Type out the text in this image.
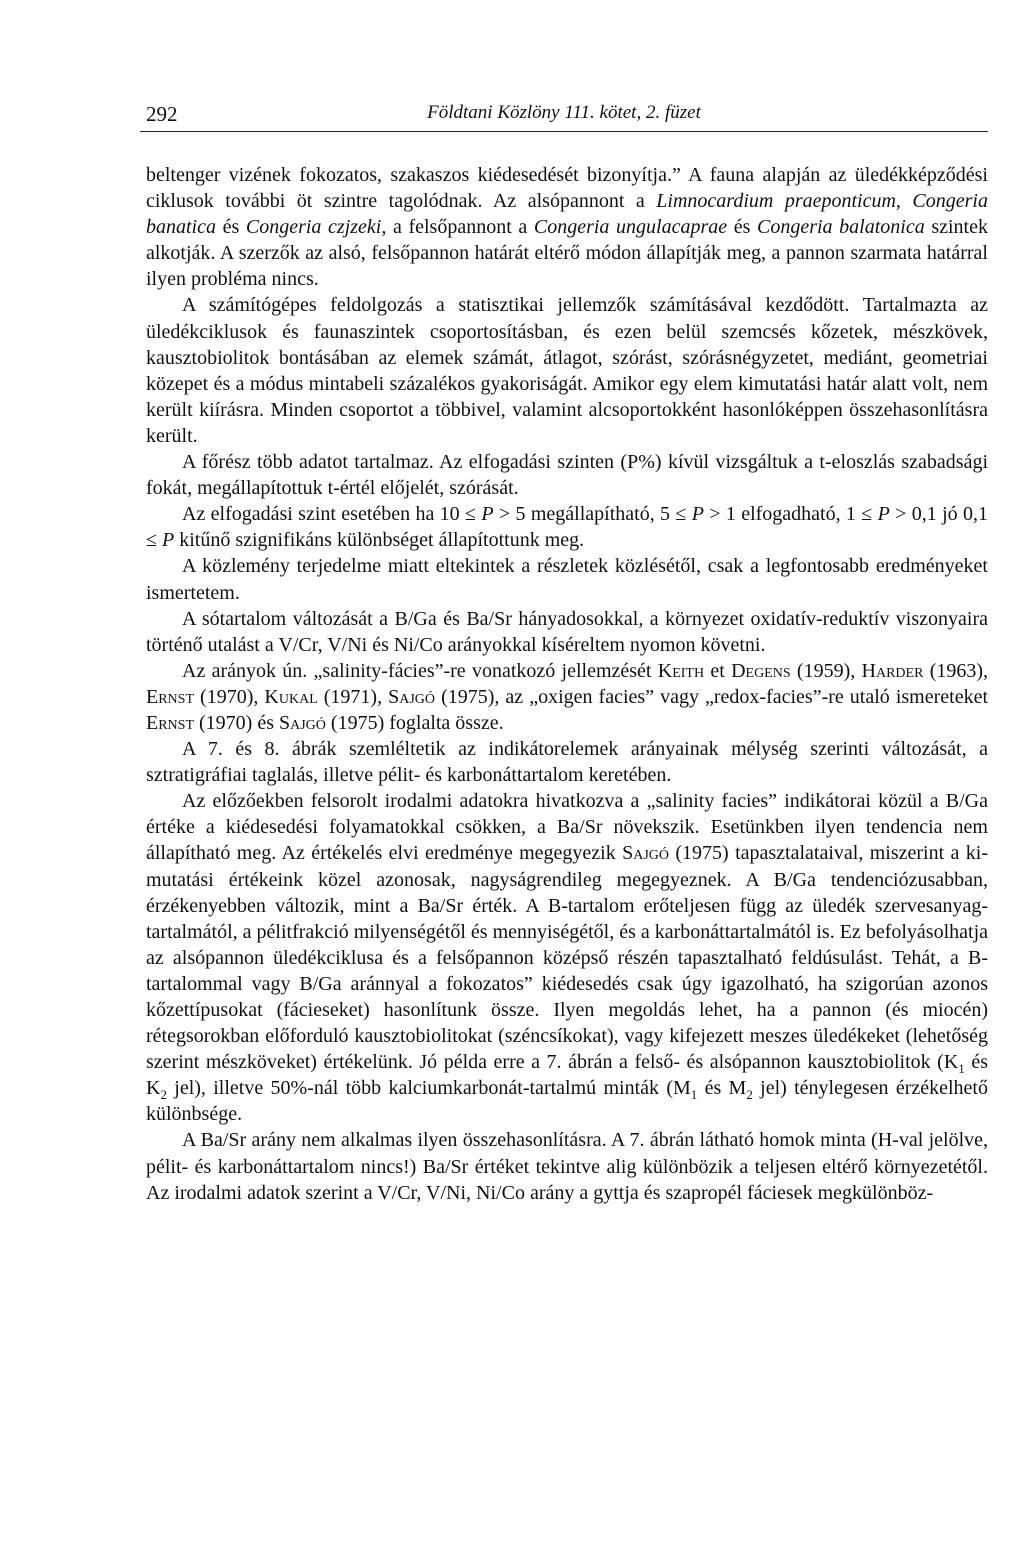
292	Földtani Közlöny 111. kötet, 2. füzet

beltenger vizének fokozatos, szakaszos kiédesedését bizonyítja.” A fauna alapján az üledékképződési ciklusok további öt szintre tagolódnak. Az alsópannont a Limnocardium praeponticum, Congeria banatica és Congeria czjzeki, a felsőpannont a Congeria ungulacaprae és Congeria balatonica szintek alkotják. A szerzők az alsó, felsőpannon határát eltérő módon állapítják meg, a pannon szarmata határral ilyen probléma nincs.

A számítógépes feldolgozás a statisztikai jellemzők számításával kezdődött. Tartalmazta az üledékciklusok és faunaszintek csoportosításban, és ezen belül szemcsés kőzetek, mészkövek, kausztobiolitok bontásában az elemek számát, átlagot, szórást, szórásnégyzetet, mediánt, geometriai közepet és a módus mintabeli százalékos gyakoriságát. Amikor egy elem kimutatási határ alatt volt, nem került kiírásra. Minden csoportot a többivel, valamint alcsoportokként hasonlóképpen összehasonlításra került.

A főrész több adatot tartalmaz. Az elfogadási szinten (P%) kívül vizsgáltuk a t-eloszlás szabadsági fokát, megállapítottuk t-értél előjelét, szórását.

Az elfogadási szint esetében ha 10 ≤ P > 5 megállapítható, 5 ≤ P > 1 elfogadható, 1 ≤ P > 0,1 jó 0,1 ≤ P kitűnő szignifikáns különbséget állapítottunk meg.

A közlemény terjedelme miatt eltekintek a részletek közlésétől, csak a legfontosabb eredményeket ismertetem.

A sótartalom változását a B/Ga és Ba/Sr hányadosokkal, a környezet oxidatív-reduktív viszonyaira történő utalást a V/Cr, V/Ni és Ni/Co arányokkal kíséreltem nyomon követni.

Az arányok ún. „salinity-fácies”-re vonatkozó jellemzését Keith et Degens (1959), Harder (1963), Ernst (1970), Kukal (1971), Sajgó (1975), az „oxigen facies” vagy „redox-facies”-re utaló ismereteket Ernst (1970) és Sajgó (1975) foglalta össze.

A 7. és 8. ábrák szemléltetik az indikátorelemek arányainak mélység szerinti változását, a sztratigráfiai taglalás, illetve pélit- és karbonáttartalom keretében.

Az előzőekben felsorolt irodalmi adatokra hivatkozva a „salinity facies” indikátorai közül a B/Ga értéke a kiédesedési folyamatokkal csökken, a Ba/Sr növekszik. Esetünkben ilyen tendencia nem állapítható meg. Az értékelés elvi eredménye megegyezik Sajgó (1975) tapasztalataival, miszerint a kimutatási értékeink közel azonosak, nagyságrendileg megegyeznek. A B/Ga tendenciózusabban, érzékenyebben változik, mint a Ba/Sr érték. A B-tartalom erőteljesen függ az üledék szervesanyag-tartalmától, a pélitfrakció milyenségétől és mennyiségétől, és a karbonáttartalmától is. Ez befolyásolhatja az alsópannon üledékciklusa és a felsőpannon középső részén tapasztalható feldúsulást. Tehát, a B-tartalommal vagy B/Ga aránnyal a fokozatos” kiédesedés csak úgy igazolható, ha szigorúan azonos kőzettípusokat (fácieseket) hasonlítunk össze. Ilyen megoldás lehet, ha a pannon (és miocén) rétegsorokban előforduló kausztobiolitokat (széncsíkokat), vagy kifejezett meszes üledékeket (lehetőség szerint mészköveket) értékelünk. Jó példa erre a 7. ábrán a felső- és alsópannon kausztobiolitok ($K_1$ és $K_2$ jel), illetve 50%-nál több kalciumkarbonát-tartalmú minták ($M_1$ és $M_2$ jel) ténylegesen érzékelhető különbsége.

A Ba/Sr arány nem alkalmas ilyen összehasonlításra. A 7. ábrán látható homok minta (H-val jelölve, pélit- és karbonáttartalom nincs!) Ba/Sr értéket tekintve alig különbözik a teljesen eltérő környezetétől. Az irodalmi adatok szerint a V/Cr, V/Ni, Ni/Co arány a gyttja és szapropél fáciesek megkülönböz-
